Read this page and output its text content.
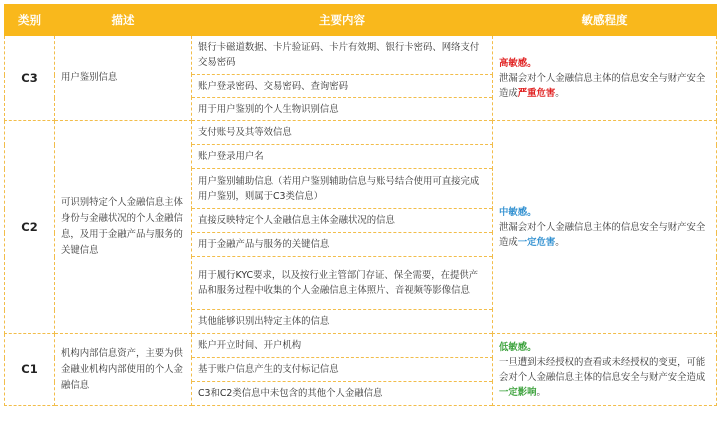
类别	描述	主要内容	敏感程度
C3	用户鉴别信息	银行卡磁道数据、卡片验证码、卡片有效期、银行卡密码、网络支付交易密码	高敏感。
泄漏会对个人金融信息主体的信息安全与财产安全造成严重危害。
		账户登录密码、交易密码、查询密码	
		用于用户鉴别的个人生物识别信息	
C2	可识别特定个人金融信息主体身份与金融状况的个人金融信息，及用于金融产品与服务的关键信息	支付账号及其等效信息	中敏感。
泄漏会对个人金融信息主体的信息安全与财产安全造成一定危害。
		账户登录用户名	
		用户鉴别辅助信息（若用户鉴别辅助信息与账号结合使用可直接完成用户鉴别，则属于C3类信息）	
		直接反映特定个人金融信息主体金融状况的信息	
		用于金融产品与服务的关键信息	
		用于履行KYC要求，以及按行业主管部门存证、保全需要，在提供产品和服务过程中收集的个人金融信息主体照片、音视频等影像信息	
		其他能够识别出特定主体的信息	
C1	机构内部信息资产，主要为供金融业机构内部使用的个人金融信息	账户开立时间、开户机构	低敏感。
一旦遭到未经授权的查看或未经授权的变更，可能会对个人金融信息主体的信息安全与财产安全造成一定影响。
		基于账户信息产生的支付标记信息	
		C3和C2类信息中未包含的其他个人金融信息	
